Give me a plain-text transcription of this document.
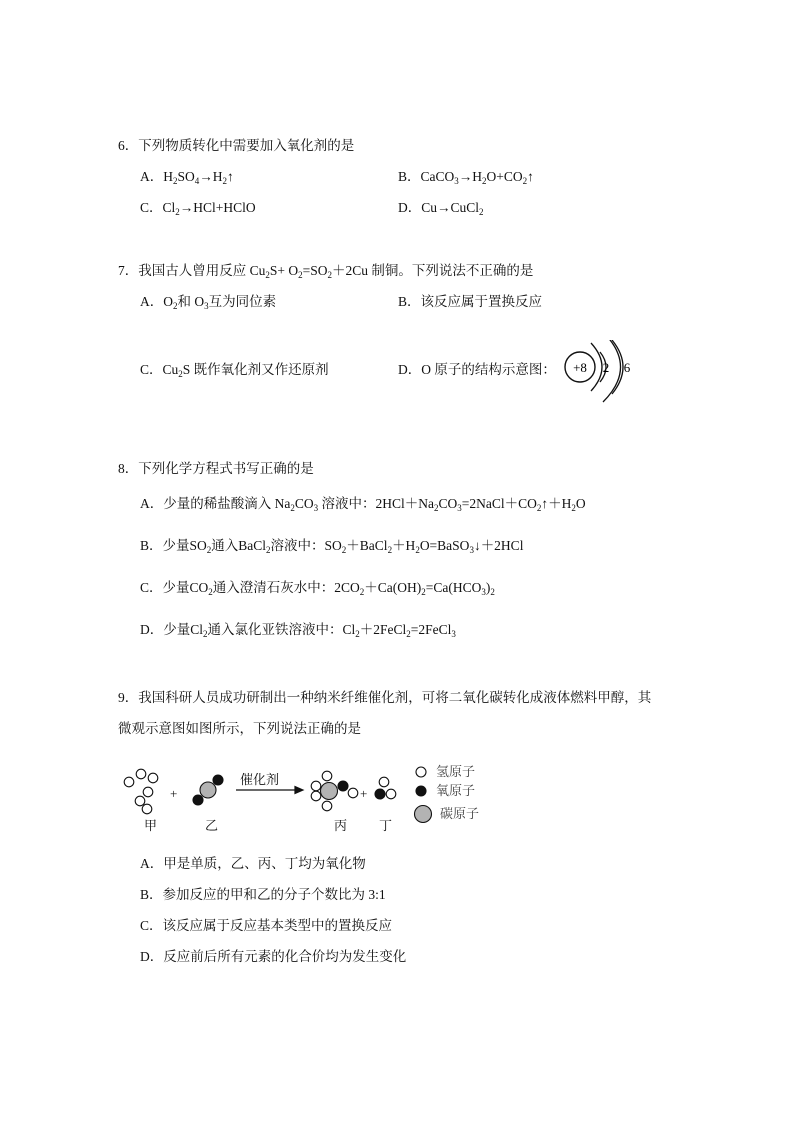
6．下列物质转化中需要加入氧化剂的是
A．$H_2SO_4\to H_2↑$	B．$CaCO_3\to H_2O+CO_2↑$
C．$Cl_2\to HCl+HClO$	D．Cu→CuCl$_2$
7．我国古人曾用反应 $Cu_2S+ O_2=SO_2+2Cu$ 制铜。下列说法不正确的是
A．$O_2$和 $O_3$互为同位素	B．该反应属于置换反应
C．$Cu_2S$ 既作氧化剂又作还原剂	D．O 原子的结构示意图： +8 2 6
8．下列化学方程式书写正确的是
A．少量的稀盐酸滴入 $Na_2CO_3$ 溶液中：$2HCl+Na_2CO_3=2NaCl+CO_2↑+H_2O$
B．少量$SO_2$通入BaCl$_2$溶液中：$SO_2+BaCl_2+H_2O=BaSO_3↓+2HCl$
C．少量$CO_2$通入澄清石灰水中：$2CO_2+Ca(OH)_2=Ca(HCO_3)_2$
D．少量$Cl_2$通入氯化亚铁溶液中：$Cl_2+2FeCl_2=2FeCl_3$
9．我国科研人员成功研制出一种纳米纤维催化剂，可将二氧化碳转化成液体燃料甲醇，其
微观示意图如图所示，下列说法正确的是
+	+
催化剂
甲	乙	丙 丁
氢原子
氧原子
碳原子
A．甲是单质，乙、丙、丁均为氧化物
B．参加反应的甲和乙的分子个数比为 3:1
C．该反应属于反应基本类型中的置换反应
D．反应前后所有元素的化合价均为发生变化
